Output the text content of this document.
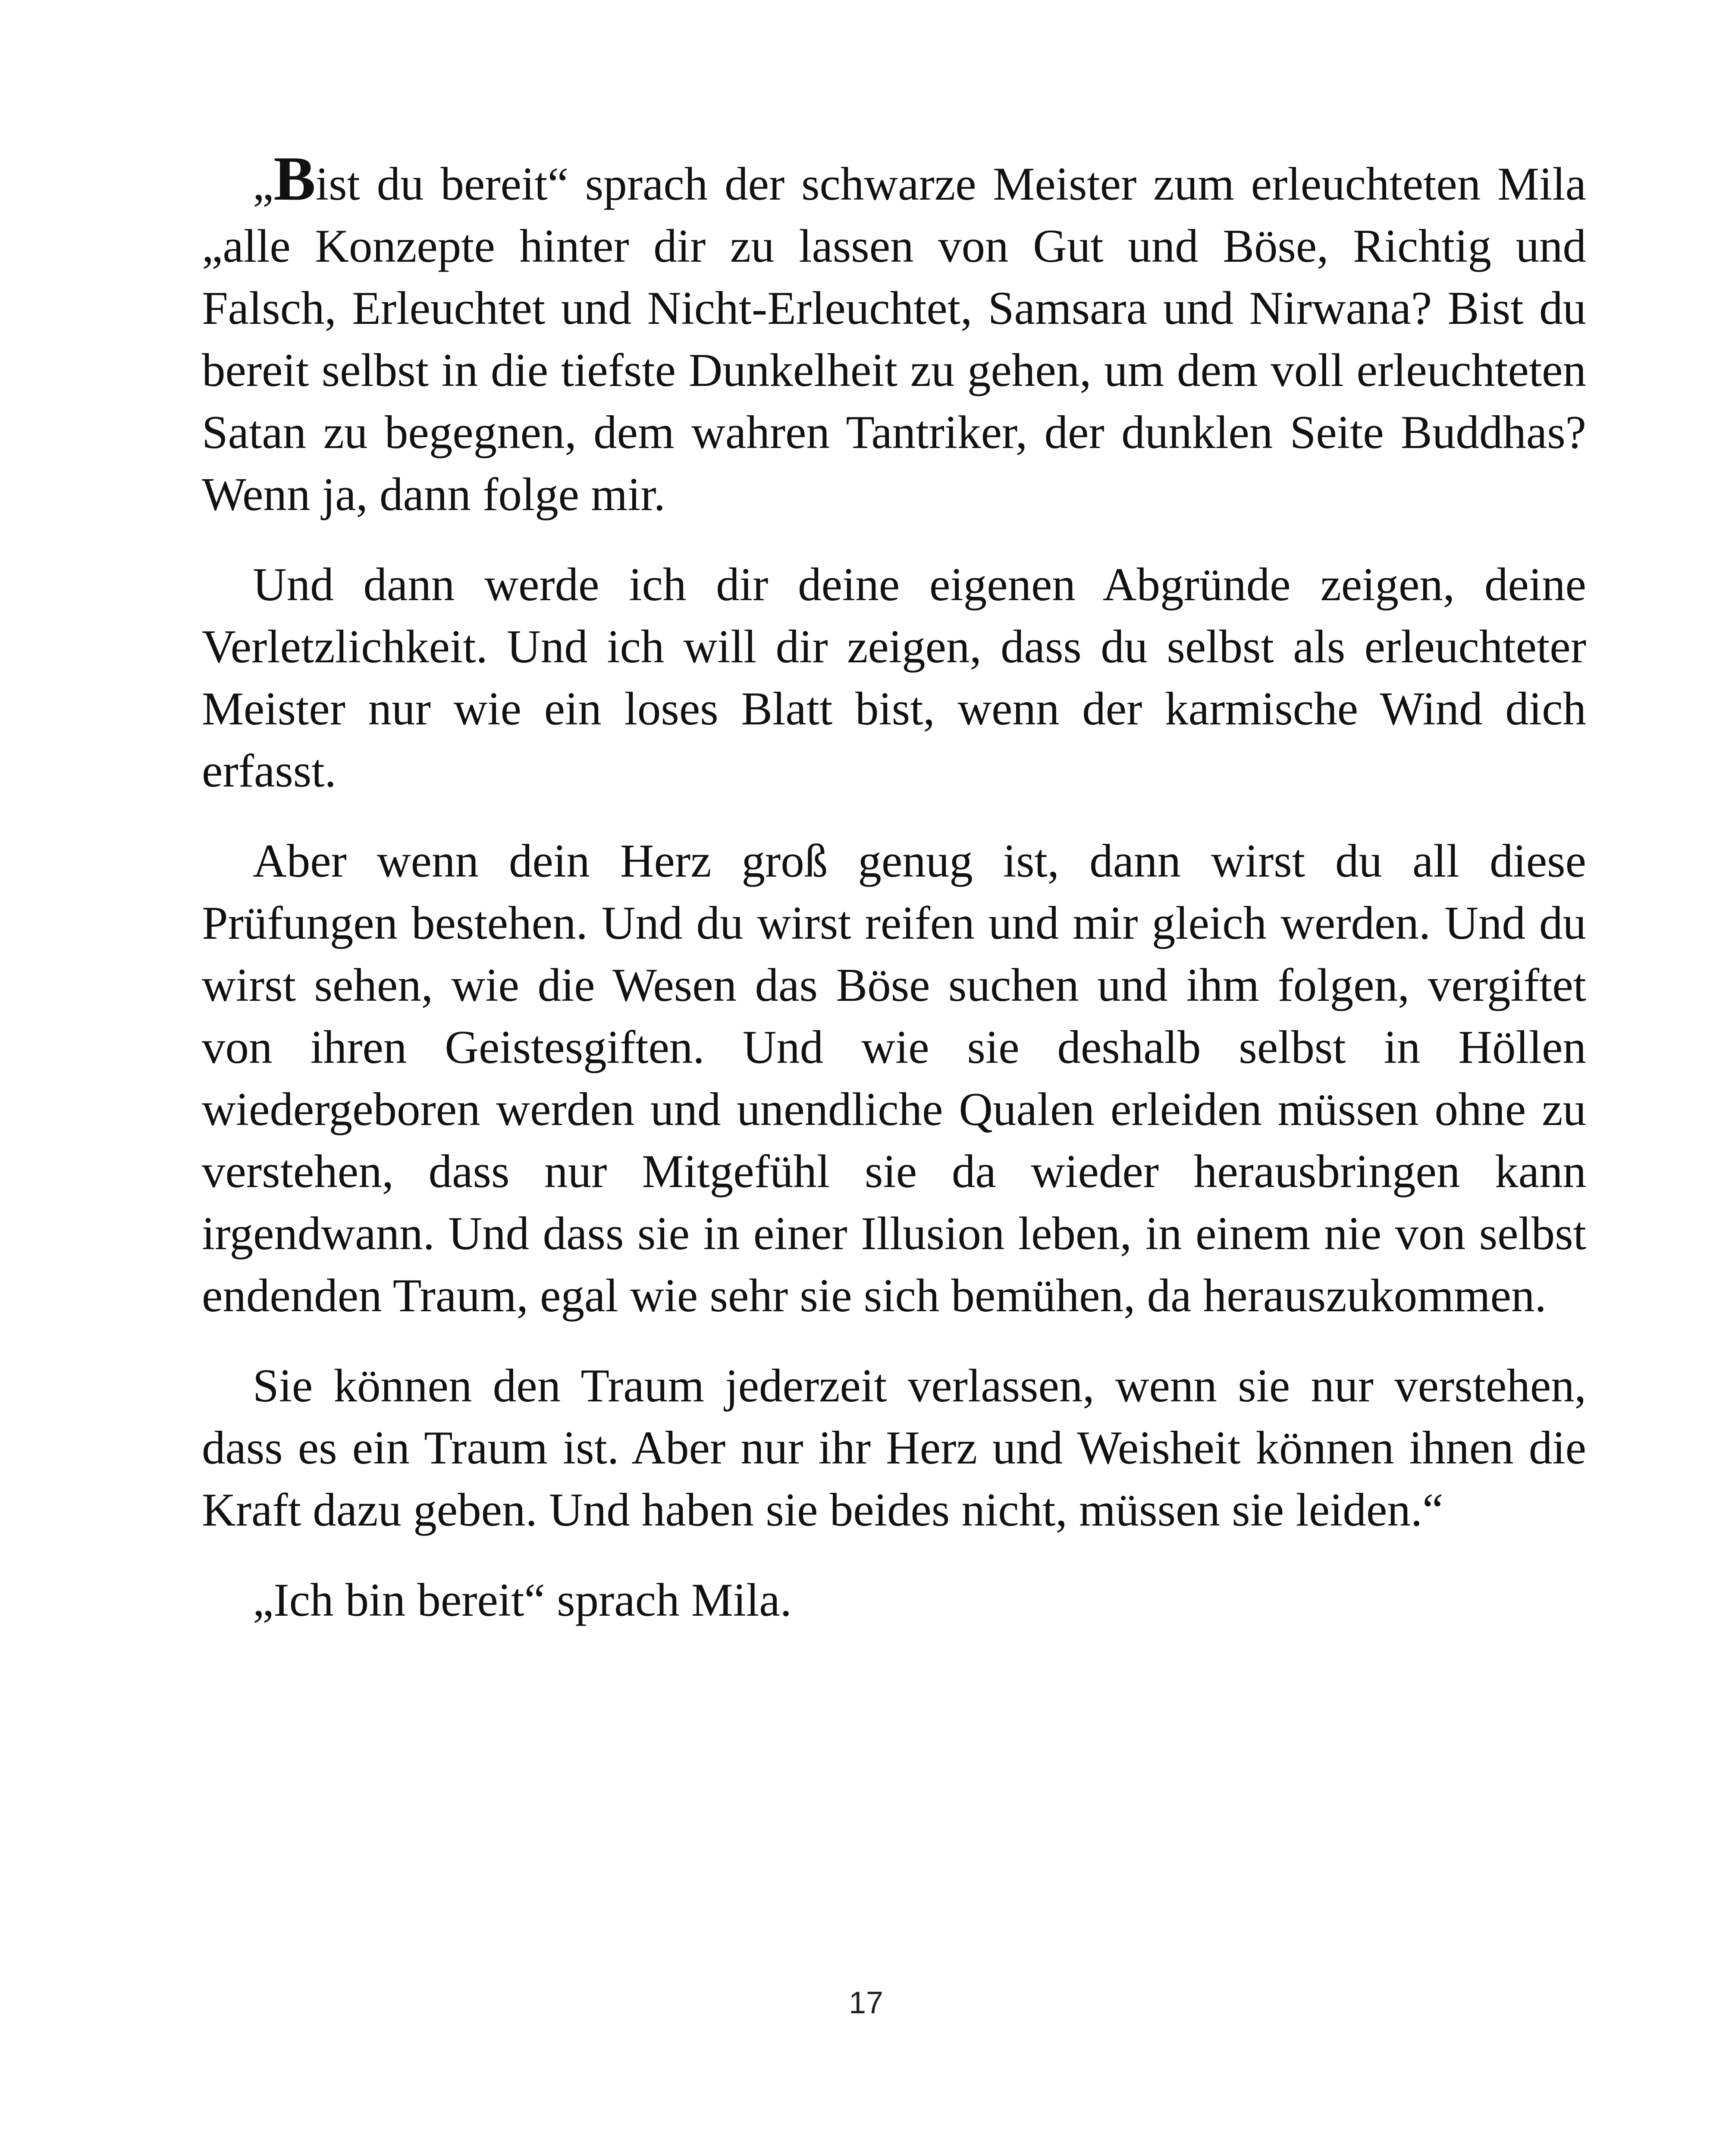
„Bist du bereit“ sprach der schwarze Meister zum erleuchteten Mila „alle Konzepte hinter dir zu lassen von Gut und Böse, Richtig und Falsch, Erleuchtet und Nicht-Erleuchtet, Samsara und Nirwana? Bist du bereit selbst in die tiefste Dunkelheit zu gehen, um dem voll erleuchteten Satan zu begegnen, dem wahren Tantriker, der dunklen Seite Buddhas? Wenn ja, dann folge mir.

Und dann werde ich dir deine eigenen Abgründe zeigen, deine Verletzlichkeit. Und ich will dir zeigen, dass du selbst als erleuchteter Meister nur wie ein loses Blatt bist, wenn der karmische Wind dich erfasst.

Aber wenn dein Herz groß genug ist, dann wirst du all diese Prüfungen bestehen. Und du wirst reifen und mir gleich werden. Und du wirst sehen, wie die Wesen das Böse suchen und ihm folgen, vergiftet von ihren Geistesgiften. Und wie sie deshalb selbst in Höllen wiedergeboren werden und unendliche Qualen erleiden müssen ohne zu verstehen, dass nur Mitgefühl sie da wieder herausbringen kann irgendwann. Und dass sie in einer Illusion leben, in einem nie von selbst endenden Traum, egal wie sehr sie sich bemühen, da herauszukommen.

Sie können den Traum jederzeit verlassen, wenn sie nur verstehen, dass es ein Traum ist. Aber nur ihr Herz und Weisheit können ihnen die Kraft dazu geben. Und haben sie beides nicht, müssen sie leiden.“

„Ich bin bereit“ sprach Mila.

17
